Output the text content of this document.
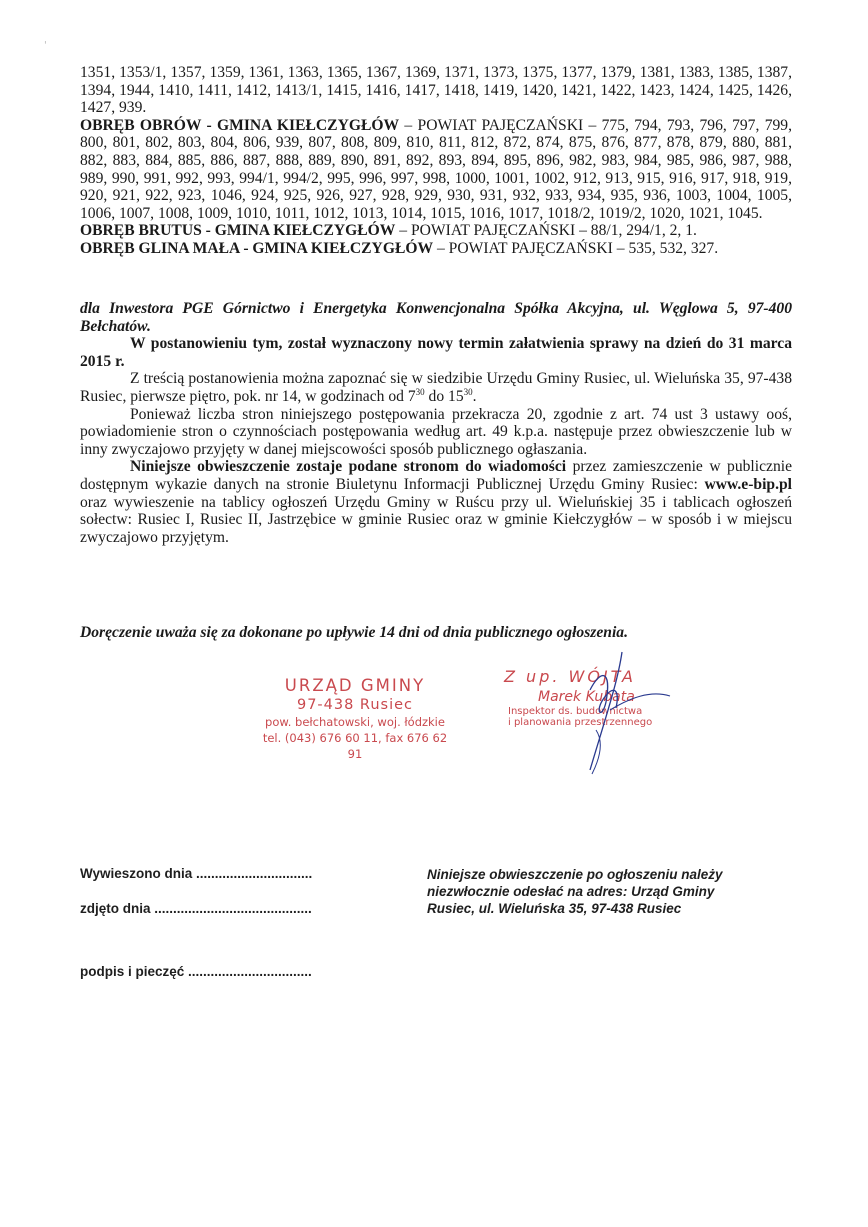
'

1351, 1353/1, 1357, 1359, 1361, 1363, 1365, 1367, 1369, 1371, 1373, 1375, 1377, 1379, 1381, 1383, 1385, 1387, 1394, 1944, 1410, 1411, 1412, 1413/1, 1415, 1416, 1417, 1418, 1419, 1420, 1421, 1422, 1423, 1424, 1425, 1426, 1427, 939.

OBRĘB OBRÓW - GMINA KIEŁCZYGŁÓW – POWIAT PAJĘCZAŃSKI – 775, 794, 793, 796, 797, 799, 800, 801, 802, 803, 804, 806, 939, 807, 808, 809, 810, 811, 812, 872, 874, 875, 876, 877, 878, 879, 880, 881, 882, 883, 884, 885, 886, 887, 888, 889, 890, 891, 892, 893, 894, 895, 896, 982, 983, 984, 985, 986, 987, 988, 989, 990, 991, 992, 993, 994/1, 994/2, 995, 996, 997, 998, 1000, 1001, 1002, 912, 913, 915, 916, 917, 918, 919, 920, 921, 922, 923, 1046, 924, 925, 926, 927, 928, 929, 930, 931, 932, 933, 934, 935, 936, 1003, 1004, 1005, 1006, 1007, 1008, 1009, 1010, 1011, 1012, 1013, 1014, 1015, 1016, 1017, 1018/2, 1019/2, 1020, 1021, 1045.

OBRĘB BRUTUS - GMINA KIEŁCZYGŁÓW – POWIAT PAJĘCZAŃSKI – 88/1, 294/1, 2, 1.

OBRĘB GLINA MAŁA - GMINA KIEŁCZYGŁÓW – POWIAT PAJĘCZAŃSKI – 535, 532, 327.

dla Inwestora PGE Górnictwo i Energetyka Konwencjonalna Spółka Akcyjna, ul. Węglowa 5, 97-400 Bełchatów.

W postanowieniu tym, został wyznaczony nowy termin załatwienia sprawy na dzień do 31 marca 2015 r.

Z treścią postanowienia można zapoznać się w siedzibie Urzędu Gminy Rusiec, ul. Wieluńska 35, 97-438 Rusiec, pierwsze piętro, pok. nr 14, w godzinach od $7^{30}$ do $15^{30}$.

Ponieważ liczba stron niniejszego postępowania przekracza 20, zgodnie z art. 74 ust 3 ustawy ooś, powiadomienie stron o czynnościach postępowania według art. 49 k.p.a. następuje przez obwieszczenie lub w inny zwyczajowo przyjęty w danej miejscowości sposób publicznego ogłaszania.

Niniejsze obwieszczenie zostaje podane stronom do wiadomości przez zamieszczenie w publicznie dostępnym wykazie danych na stronie Biuletynu Informacji Publicznej Urzędu Gminy Rusiec: www.e-bip.pl oraz wywieszenie na tablicy ogłoszeń Urzędu Gminy w Ruścu przy ul. Wieluńskiej 35 i tablicach ogłoszeń sołectw: Rusiec I, Rusiec II, Jastrzębice w gminie Rusiec oraz w gminie Kiełczygłów – w sposób i w miejscu zwyczajowo przyjętym.

Doręczenie uważa się za dokonane po upływie 14 dni od dnia publicznego ogłoszenia.
URZĄD GMINY
97-438 Rusiec
pow. bełchatowski, woj. łódzkie
tel. (043) 676 60 11, fax 676 62 91
Z up. WÓJTA
Marek Kubata
Inspektor ds. budownictwa
i planowania przestrzennego
Wywieszono dnia ...............................
zdjęto dnia ..........................................
podpis i pieczęć .................................
Niniejsze obwieszczenie po ogłoszeniu należy niezwłocznie odesłać na adres: Urząd Gminy Rusiec, ul. Wieluńska 35, 97-438 Rusiec
